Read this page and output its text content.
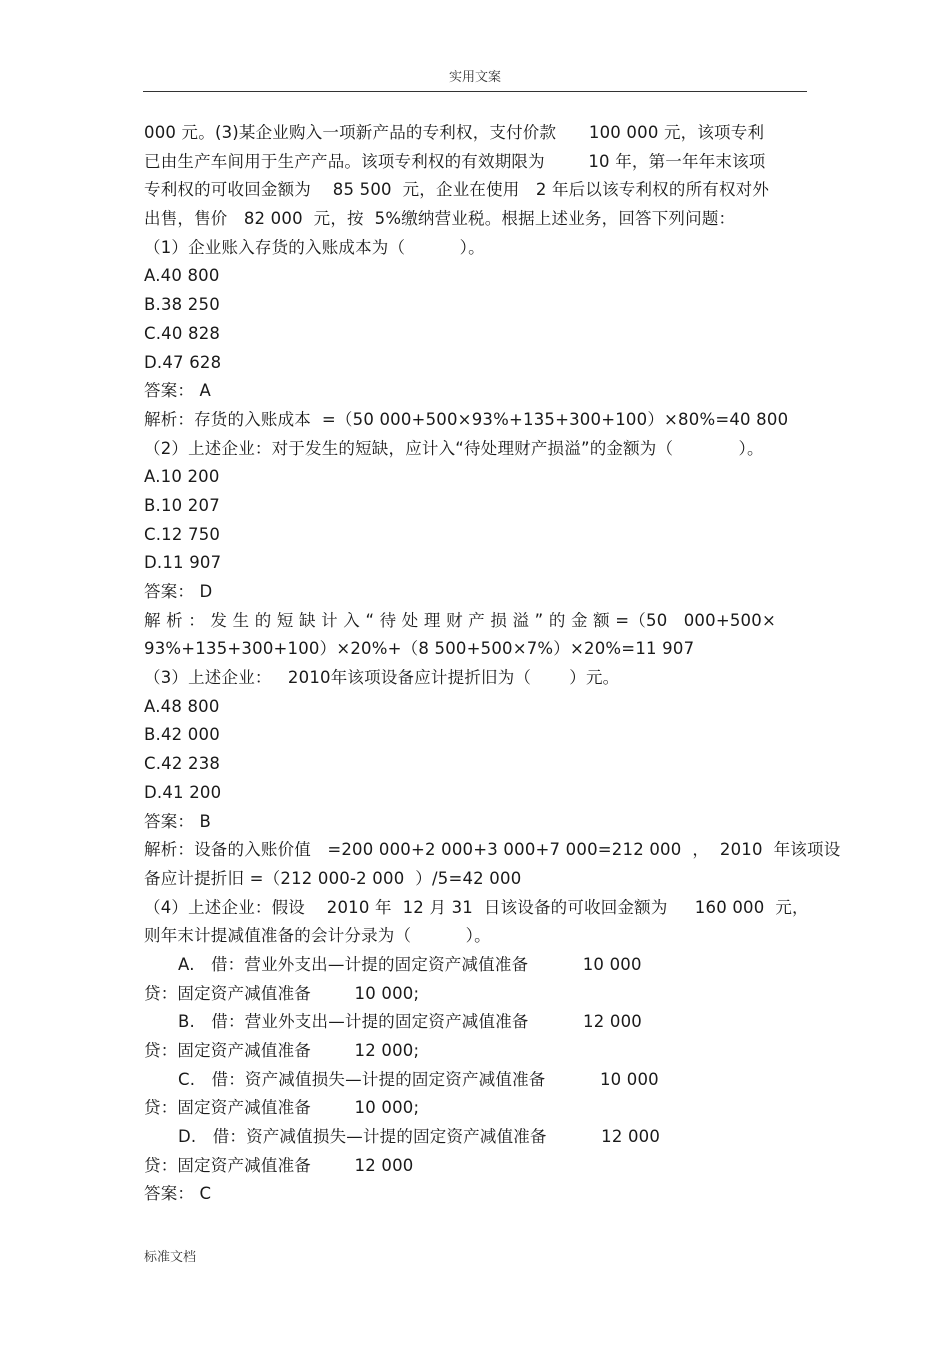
实用文案
000 元。(3)某企业购入一项新产品的专利权，支付价款      100 000 元，该项专利
已由生产车间用于生产产品。该项专利权的有效期限为        10 年，第一年年末该项
专利权的可收回金额为    85 500  元，企业在使用   2 年后以该专利权的所有权对外
出售，售价   82 000  元，按  5%缴纳营业税。根据上述业务，回答下列问题：
（1）企业账入存货的入账成本为（          ）。
A.40 800
B.38 250
C.40 828
D.47 628
答案： A
解析：存货的入账成本  =（50 000+500×93%+135+300+100）×80%=40 800
（2）上述企业：对于发生的短缺，应计入“待处理财产损溢”的金额为（            ）。
A.10 200
B.10 207
C.12 750
D.11 907
答案： D
解 析 ： 发 生 的 短 缺 计 入 “ 待 处 理 财 产 损 溢 ” 的 金 额 =（50   000+500×
93%+135+300+100）×20%+（8 500+500×7%）×20%=11 907
（3）上述企业：   2010年该项设备应计提折旧为（       ）元。
A.48 800
B.42 000
C.42 238
D.41 200
答案： B
解析：设备的入账价值   =200 000+2 000+3 000+7 000=212 000  ，  2010  年该项设
备应计提折旧 =（212 000-2 000  ）/5=42 000
（4）上述企业：假设    2010 年  12 月 31  日该设备的可收回金额为     160 000  元，
则年末计提减值准备的会计分录为（          ）。
A.   借：营业外支出—计提的固定资产减值准备          10 000
贷：固定资产减值准备        10 000;
B.   借：营业外支出—计提的固定资产减值准备          12 000
贷：固定资产减值准备        12 000;
C.   借：资产减值损失—计提的固定资产减值准备          10 000
贷：固定资产减值准备        10 000;
D.   借：资产减值损失—计提的固定资产减值准备          12 000
贷：固定资产减值准备        12 000
答案： C
标准文档
